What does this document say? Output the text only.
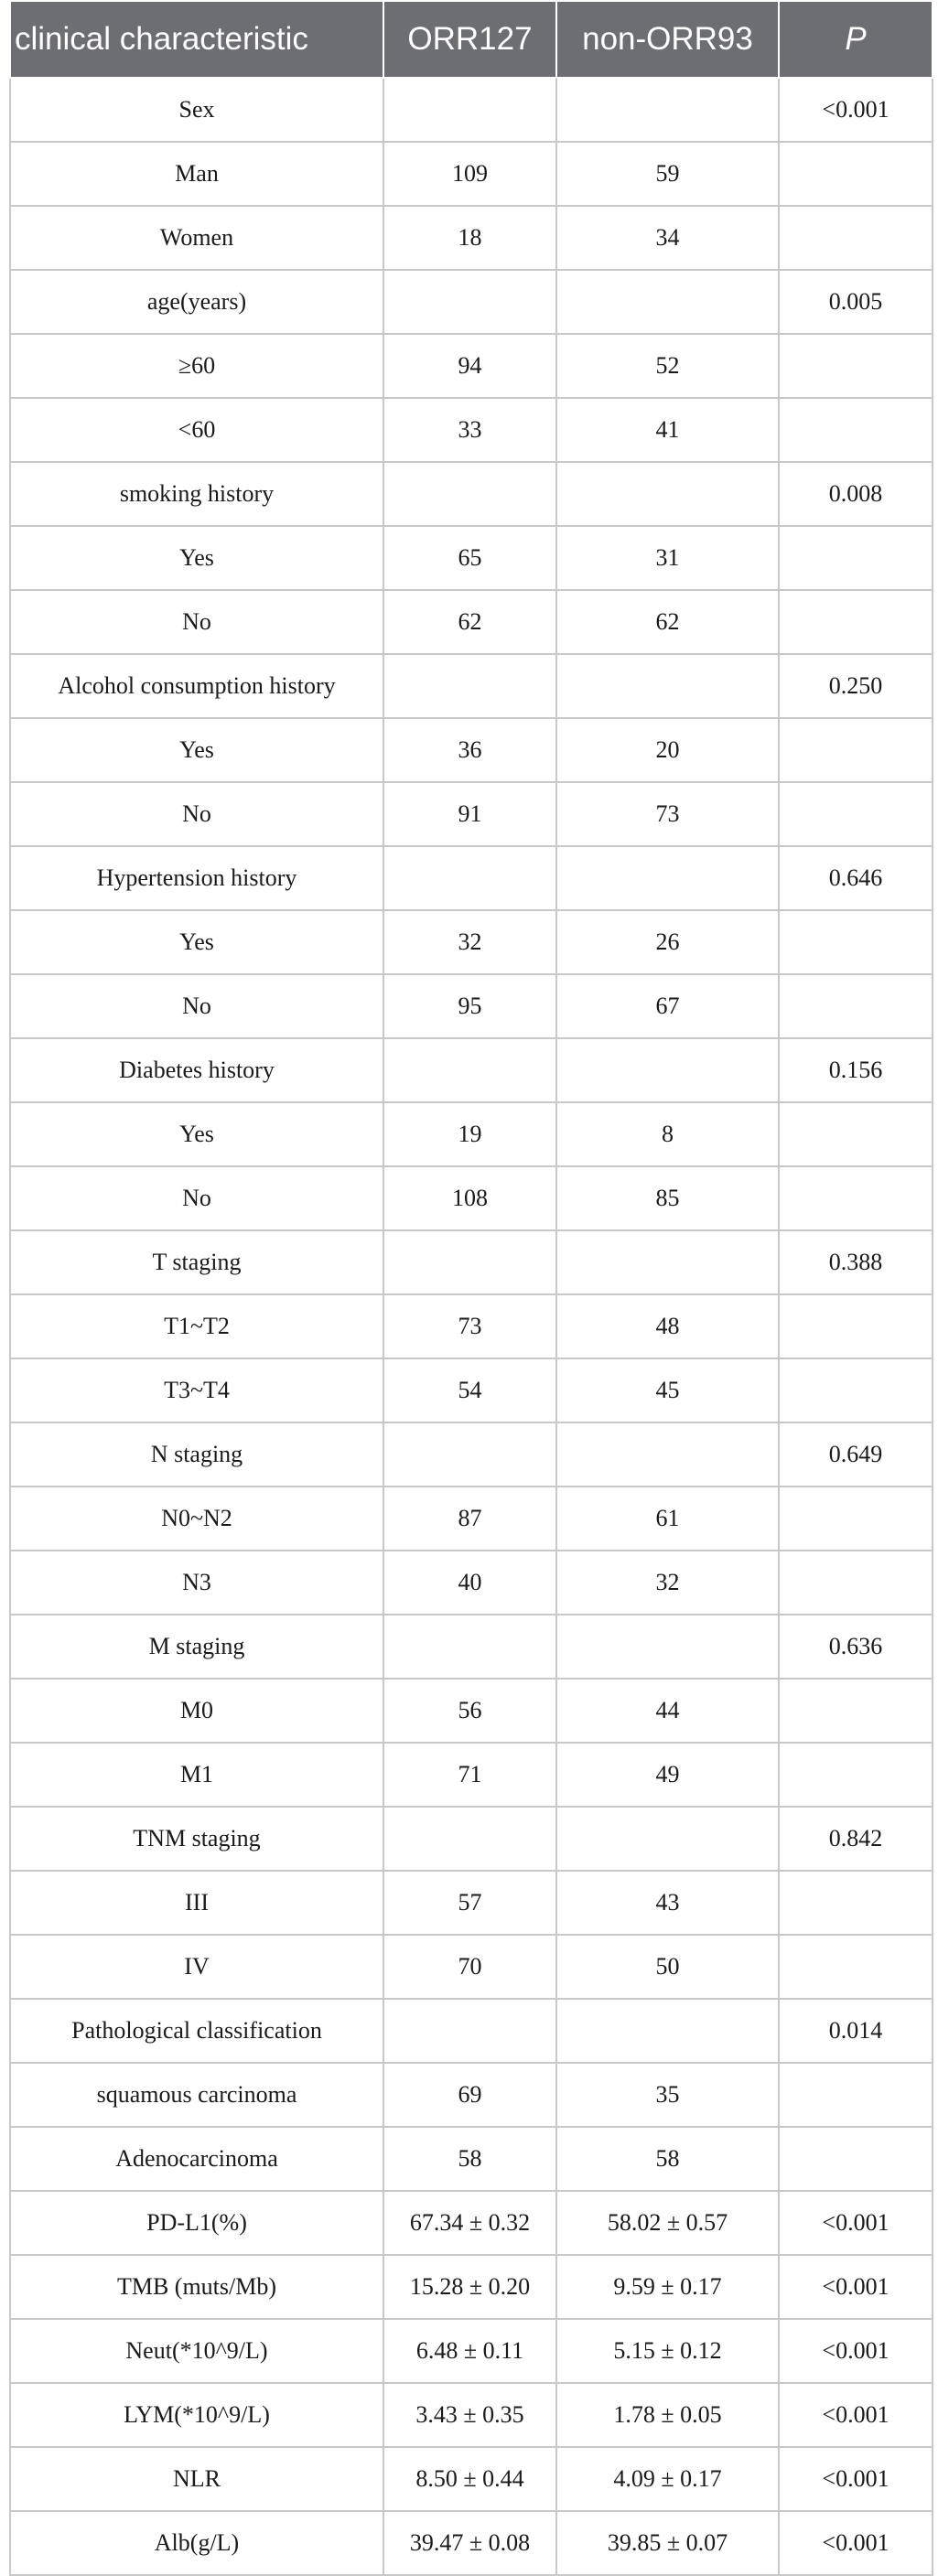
clinical characteristic	ORR127	non-ORR93	P
Sex			<0.001
Man	109	59	
Women	18	34	
age(years)			0.005
≥60	94	52	
<60	33	41	
smoking history			0.008
Yes	65	31	
No	62	62	
Alcohol consumption history			0.250
Yes	36	20	
No	91	73	
Hypertension history			0.646
Yes	32	26	
No	95	67	
Diabetes history			0.156
Yes	19	8	
No	108	85	
T staging			0.388
T1~T2	73	48	
T3~T4	54	45	
N staging			0.649
N0~N2	87	61	
N3	40	32	
M staging			0.636
M0	56	44	
M1	71	49	
TNM staging			0.842
III	57	43	
IV	70	50	
Pathological classification			0.014
squamous carcinoma	69	35	
Adenocarcinoma	58	58	
PD-L1(%)	67.34 ± 0.32	58.02 ± 0.57	<0.001
TMB (muts/Mb)	15.28 ± 0.20	9.59 ± 0.17	<0.001
Neut(*10^9/L)	6.48 ± 0.11	5.15 ± 0.12	<0.001
LYM(*10^9/L)	3.43 ± 0.35	1.78 ± 0.05	<0.001
NLR	8.50 ± 0.44	4.09 ± 0.17	<0.001
Alb(g/L)	39.47 ± 0.08	39.85 ± 0.07	<0.001
